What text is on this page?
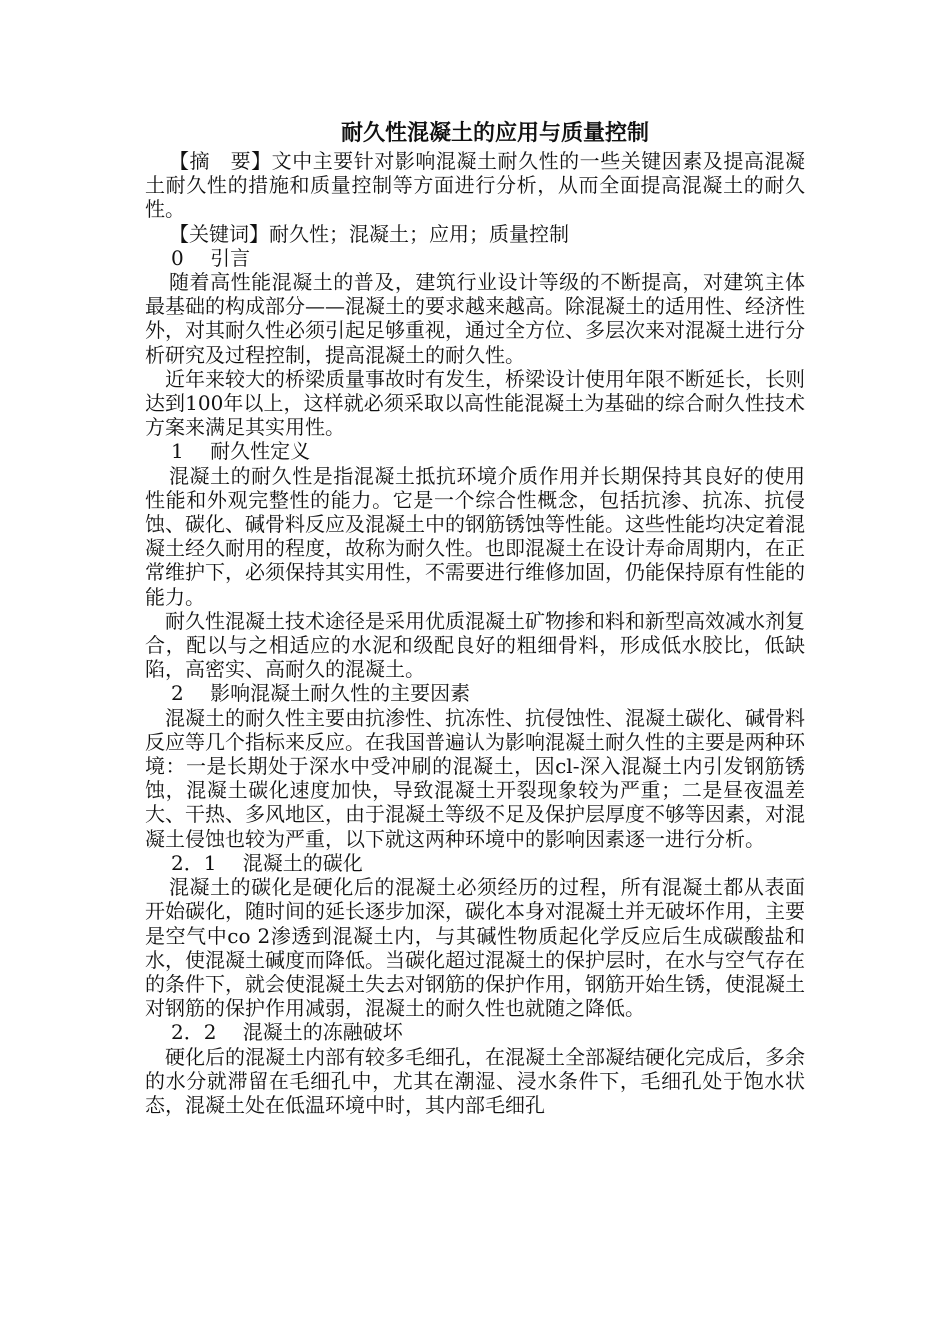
耐久性混凝土的应用与质量控制

【摘　要】文中主要针对影响混凝土耐久性的一些关键因素及提高混凝土耐久性的措施和质量控制等方面进行分析，从而全面提高混凝土的耐久性。

【关键词】耐久性；混凝土；应用；质量控制

0　 引言

随着高性能混凝土的普及，建筑行业设计等级的不断提高，对建筑主体最基础的构成部分——混凝土的要求越来越高。除混凝土的适用性、经济性外，对其耐久性必须引起足够重视，通过全方位、多层次来对混凝土进行分析研究及过程控制，提高混凝土的耐久性。

近年来较大的桥梁质量事故时有发生，桥梁设计使用年限不断延长，长则达到100年以上，这样就必须采取以高性能混凝土为基础的综合耐久性技术方案来满足其实用性。

1　 耐久性定义

混凝土的耐久性是指混凝土抵抗环境介质作用并长期保持其良好的使用性能和外观完整性的能力。它是一个综合性概念，包括抗渗、抗冻、抗侵蚀、碳化、碱骨料反应及混凝土中的钢筋锈蚀等性能。这些性能均决定着混凝土经久耐用的程度，故称为耐久性。也即混凝土在设计寿命周期内，在正常维护下，必须保持其实用性，不需要进行维修加固，仍能保持原有性能的能力。

耐久性混凝土技术途径是采用优质混凝土矿物掺和料和新型高效减水剂复合，配以与之相适应的水泥和级配良好的粗细骨料，形成低水胶比，低缺陷，高密实、高耐久的混凝土。

2　 影响混凝土耐久性的主要因素

混凝土的耐久性主要由抗渗性、抗冻性、抗侵蚀性、混凝土碳化、碱骨料反应等几个指标来反应。在我国普遍认为影响混凝土耐久性的主要是两种环境：一是长期处于深水中受冲刷的混凝土，因cl-深入混凝土内引发钢筋锈蚀，混凝土碳化速度加快，导致混凝土开裂现象较为严重；二是昼夜温差大、干热、多风地区，由于混凝土等级不足及保护层厚度不够等因素，对混凝土侵蚀也较为严重，以下就这两种环境中的影响因素逐一进行分析。

2．1　 混凝土的碳化

混凝土的碳化是硬化后的混凝土必须经历的过程，所有混凝土都从表面开始碳化，随时间的延长逐步加深，碳化本身对混凝土并无破坏作用，主要是空气中co 2渗透到混凝土内，与其碱性物质起化学反应后生成碳酸盐和水，使混凝土碱度而降低。当碳化超过混凝土的保护层时，在水与空气存在的条件下，就会使混凝土失去对钢筋的保护作用，钢筋开始生锈，使混凝土对钢筋的保护作用减弱，混凝土的耐久性也就随之降低。

2．2　 混凝土的冻融破坏

硬化后的混凝土内部有较多毛细孔，在混凝土全部凝结硬化完成后，多余的水分就滞留在毛细孔中，尤其在潮湿、浸水条件下，毛细孔处于饱水状态，混凝土处在低温环境中时，其内部毛细孔
